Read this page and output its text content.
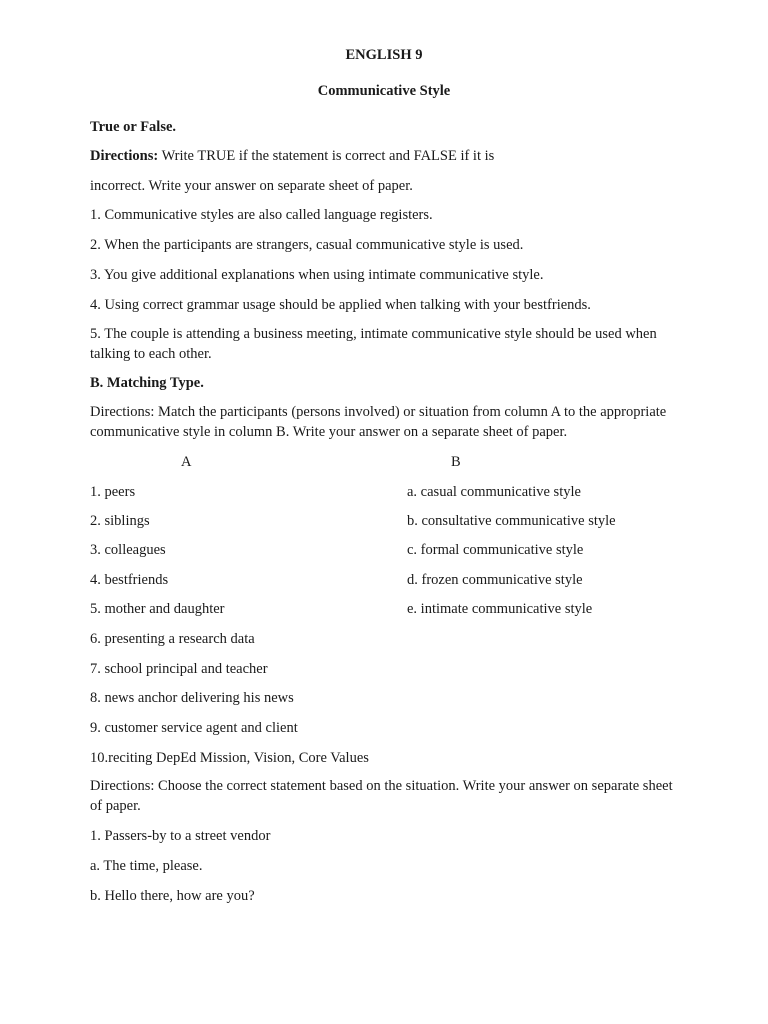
ENGLISH 9
Communicative Style
True or False.
Directions: Write TRUE if the statement is correct and FALSE if it is
incorrect. Write your answer on separate sheet of paper.
1. Communicative styles are also called language registers.
2. When the participants are strangers, casual communicative style is used.
3. You give additional explanations when using intimate communicative style.
4. Using correct grammar usage should be applied when talking with your bestfriends.
5. The couple is attending a business meeting, intimate communicative style should be used when talking to each other.
B. Matching Type.
Directions: Match the participants (persons involved) or situation from column A to the appropriate communicative style in column B. Write your answer on a separate sheet of paper.
A	B
1. peers	a. casual communicative style
2. siblings	b. consultative communicative style
3. colleagues	c. formal communicative style
4. bestfriends	d. frozen communicative style
5. mother and daughter	e. intimate communicative style
6. presenting a research data
7. school principal and teacher
8. news anchor delivering his news
9. customer service agent and client
10.reciting DepEd Mission, Vision, Core Values
Directions: Choose the correct statement based on the situation. Write your answer on separate sheet of paper.
1. Passers-by to a street vendor
a. The time, please.
b. Hello there, how are you?
